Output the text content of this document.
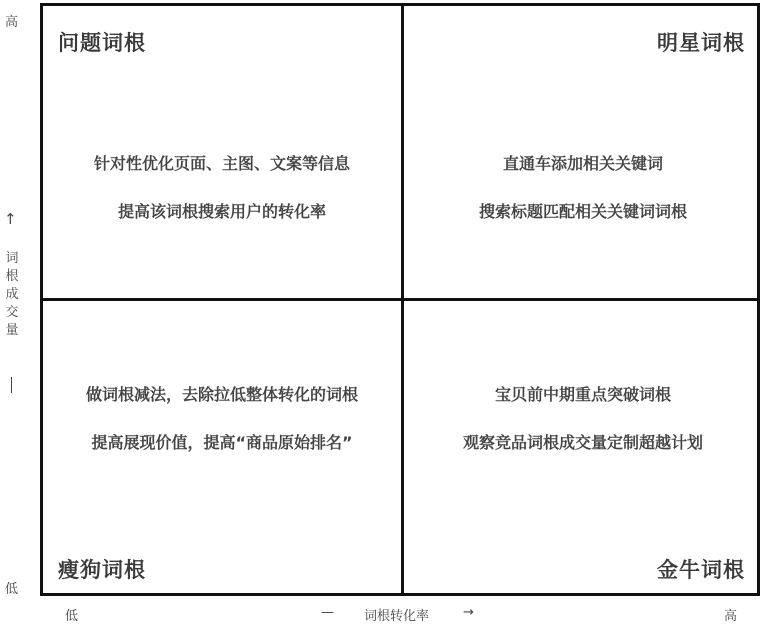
问题词根
针对性优化页面、主图、文案等信息
提高该词根搜索用户的转化率
明星词根
直通车添加相关关键词
搜索标题匹配相关关键词词根
做词根减法，去除拉低整体转化的词根
提高展现价值，提高“商品原始排名”
瘦狗词根
宝贝前中期重点突破词根
观察竞品词根成交量定制超越计划
金牛词根
高
↑
词
根
成
交
量
低
低	— 词根转化率	→	高
